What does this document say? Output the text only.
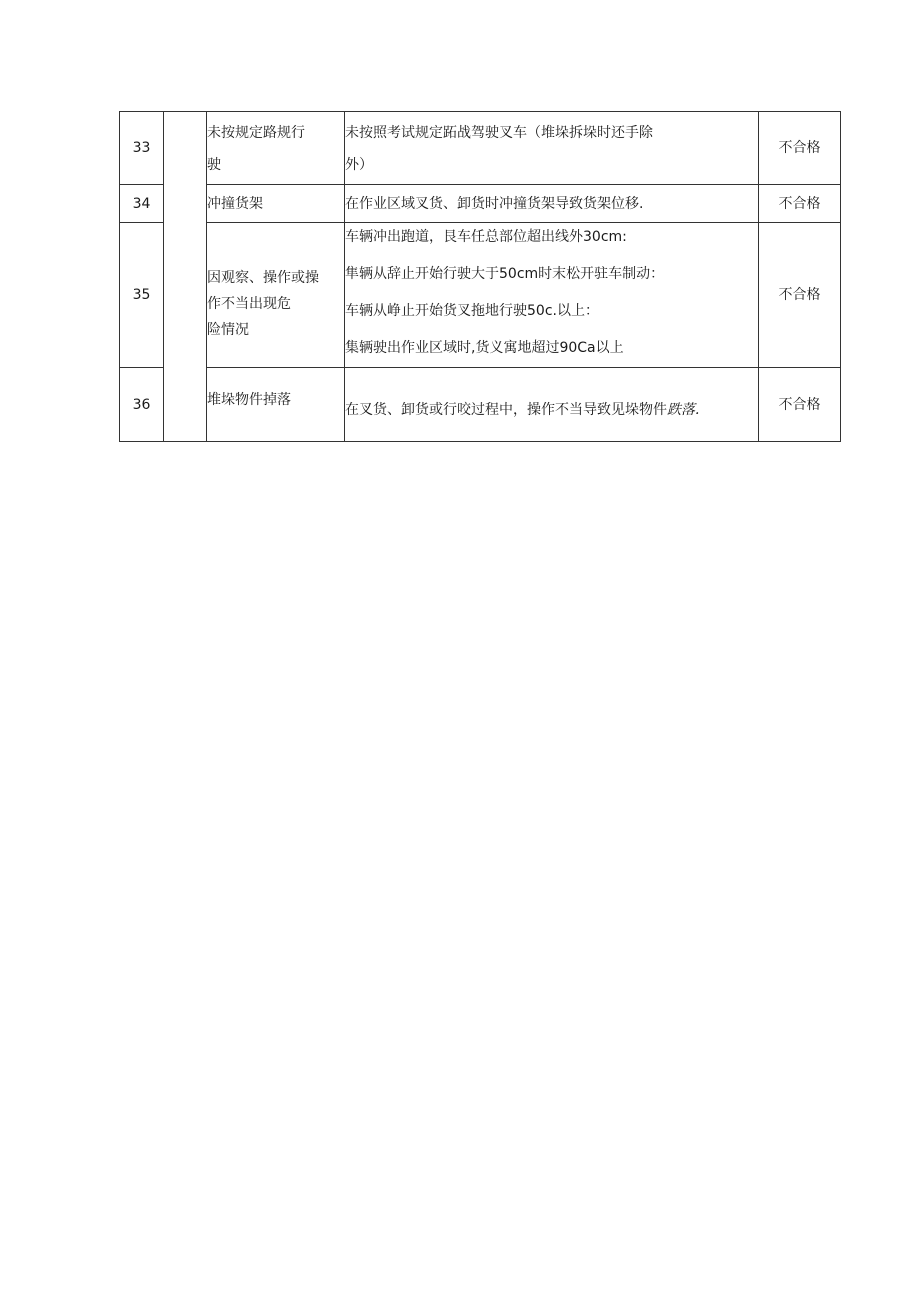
33		未按规定路规行
驶	未按照考试规定跖战驾驶叉车（堆垛拆垛时还手除
外）	不合格
34		冲撞货架	在作业区域叉货、卸货时冲撞货架导致货架位移.	不合格
35		因观察、操作或操
作不当出现危
险情况	车辆冲出跑道，艮车任总部位超出线外30cm:
隼辆从辞止开始行驶大于50cm时末松开驻车制动：
车辆从峥止开始货叉拖地行驶50c.以上：
集辆驶出作业区域时,货义寓地超过90Ca以上	不合格
36		堆垛物件掉落	在叉货、卸货或行咬过程中，操作不当导致见垛物件跌落.	不合格
